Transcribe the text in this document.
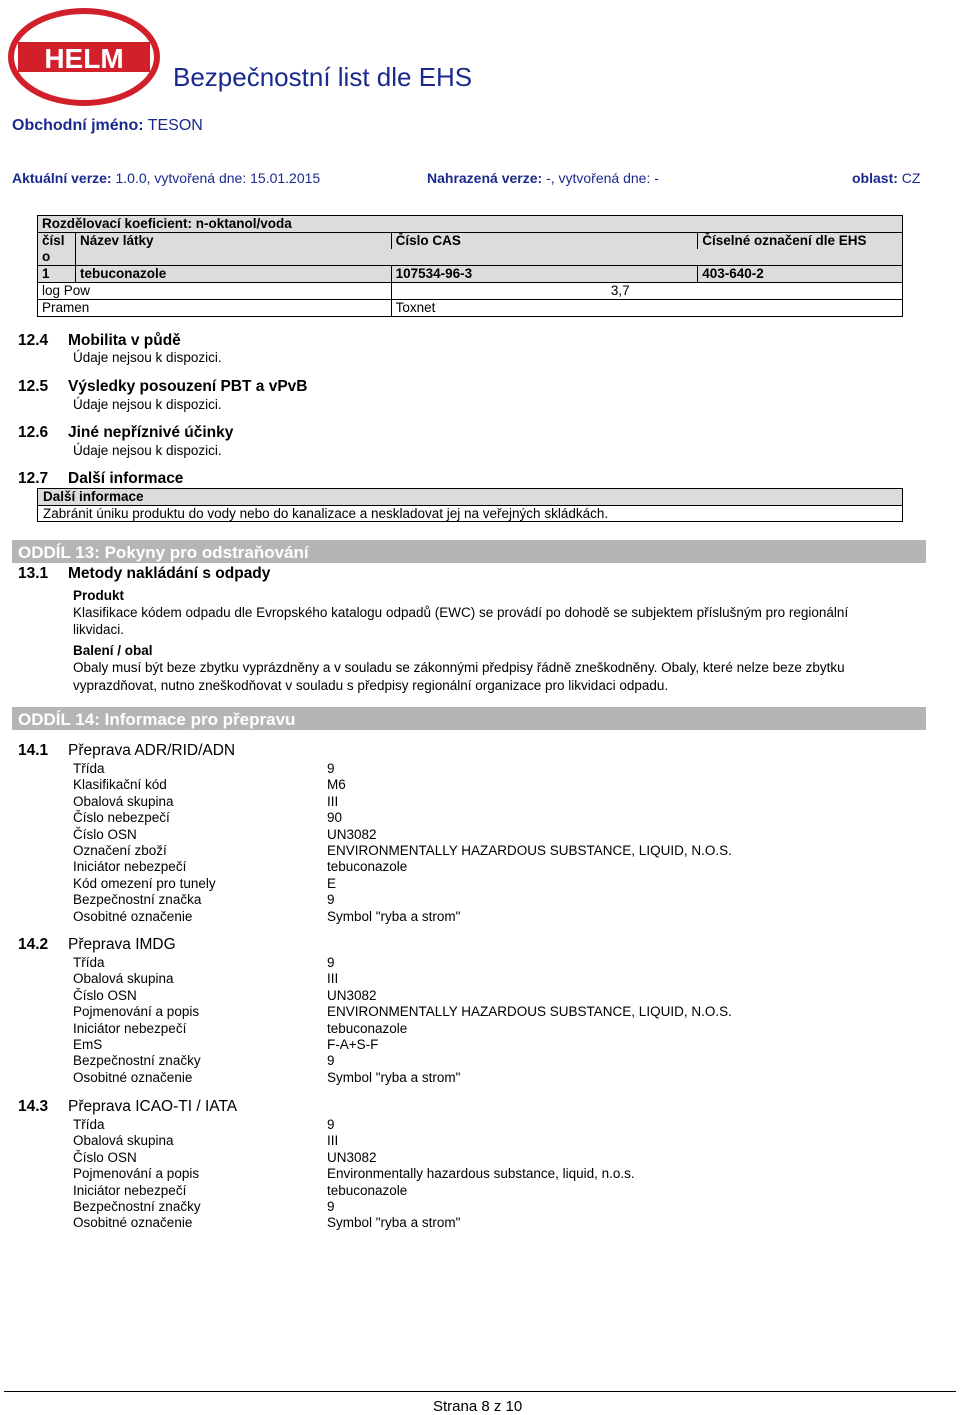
HELM
Bezpečnostní list dle EHS
Obchodní jméno: TESON
Aktuální verze: 1.0.0, vytvořená dne: 15.01.2015	Nahrazená verze: -, vytvořená dne: -	oblast: CZ
Rozdělovací koeficient: n-oktanol/voda			
čísl	Název látky	Číslo CAS	Číselné označení dle EHS
o			
1	tebuconazole	107534-96-3	403-640-2
log Pow		3,7	
Pramen		Toxnet	
12.4 Mobilita v půdě
Údaje nejsou k dispozici.
12.5 Výsledky posouzení PBT a vPvB
Údaje nejsou k dispozici.
12.6 Jiné nepříznivé účinky
Údaje nejsou k dispozici.
12.7 Další informace
Další informace
Zabránit úniku produktu do vody nebo do kanalizace a neskladovat jej na veřejných skládkách.
ODDÍL 13: Pokyny pro odstraňování
13.1 Metody nakládání s odpady
Produkt
Klasifikace kódem odpadu dle Evropského katalogu odpadů (EWC) se provádí po dohodě se subjektem příslušným pro regionální
likvidaci.
Balení / obal
Obaly musí být beze zbytku vyprázdněny a v souladu se zákonnými předpisy řádně zneškodněny. Obaly, které nelze beze zbytku
vyprazdňovat, nutno zneškodňovat v souladu s předpisy regionální organizace pro likvidaci odpadu.
ODDÍL 14: Informace pro přepravu
14.1 Přeprava ADR/RID/ADN
Třída	9
Klasifikační kód	M6
Obalová skupina	III
Číslo nebezpečí	90
Číslo OSN	UN3082
Označení zboží	ENVIRONMENTALLY HAZARDOUS SUBSTANCE, LIQUID, N.O.S.
Iniciátor nebezpečí	tebuconazole
Kód omezení pro tunely	E
Bezpečnostní značka	9
Osobitné označenie	Symbol "ryba a strom"
14.2 Přeprava IMDG
Třída	9
Obalová skupina	III
Číslo OSN	UN3082
Pojmenování a popis	ENVIRONMENTALLY HAZARDOUS SUBSTANCE, LIQUID, N.O.S.
Iniciátor nebezpečí	tebuconazole
EmS	F-A+S-F
Bezpečnostní značky	9
Osobitné označenie	Symbol "ryba a strom"
14.3 Přeprava ICAO-TI / IATA
Třída	9
Obalová skupina	III
Číslo OSN	UN3082
Pojmenování a popis	Environmentally hazardous substance, liquid, n.o.s.
Iniciátor nebezpečí	tebuconazole
Bezpečnostní značky	9
Osobitné označenie	Symbol "ryba a strom"
Strana 8 z 10
